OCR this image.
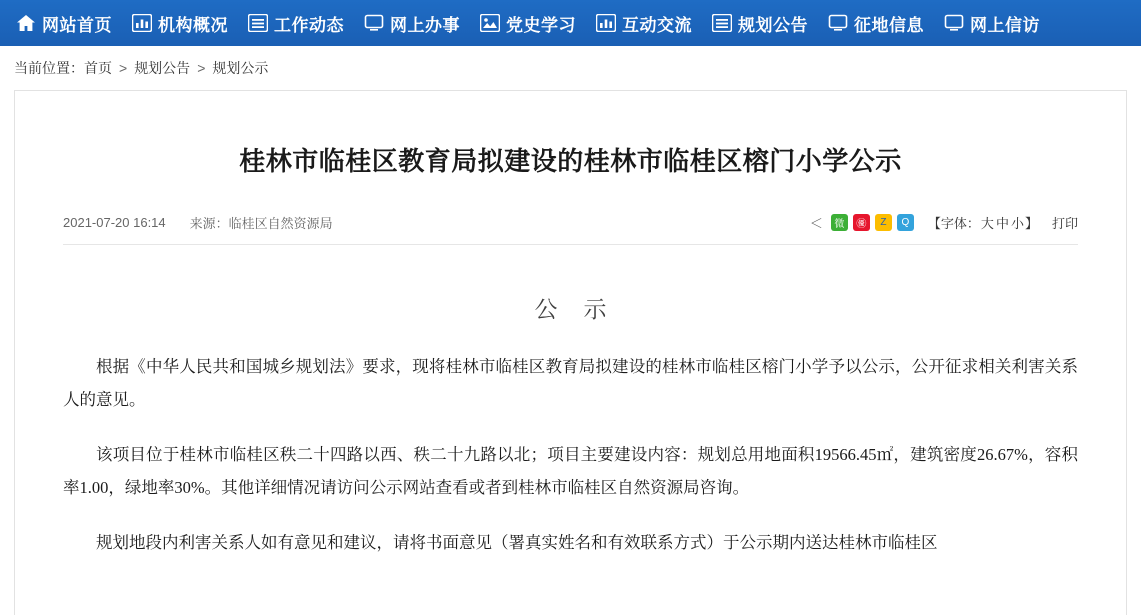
网站首页	机构概况	工作动态	网上办事	党史学习	互动交流	规划公告	征地信息	网上信访
当前位置： 首页 > 规划公告 > 规划公示
桂林市临桂区教育局拟建设的桂林市临桂区榕门小学公示
2021-07-20 16:14 来源：临桂区自然资源局	＜	微	㊝	Z	Q	【字体：大 中 小】 打印
公示
根据《中华人民共和国城乡规划法》要求，现将桂林市临桂区教育局拟建设的桂林市临桂区榕门小学予以公示，公开征求相关利害关系人的意见。
该项目位于桂林市临桂区秩二十四路以西、秩二十九路以北；项目主要建设内容：规划总用地面积19566.45㎡，建筑密度26.67%，容积率1.00，绿地率30%。其他详细情况请访问公示网站查看或者到桂林市临桂区自然资源局咨询。
规划地段内利害关系人如有意见和建议，请将书面意见（署真实姓名和有效联系方式）于公示期内送达桂林市临桂区
